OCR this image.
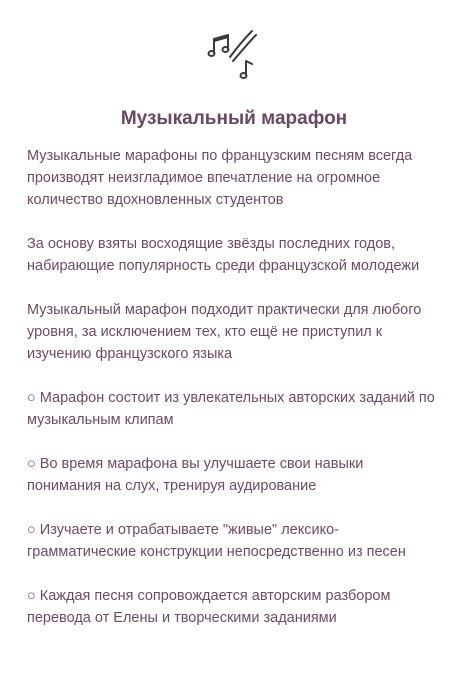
Музыкальный марафон

Музыкальные марафоны по французским песням всегда производят неизгладимое впечатление на огромное количество вдохновленных студентов

За основу взяты восходящие звёзды последних годов, набирающие популярность среди французской молодежи

Музыкальный марафон подходит практически для любого уровня, за исключением тех, кто ещё не приступил к изучению французского языка

○ Марафон состоит из увлекательных авторских заданий по музыкальным клипам

○ Во время марафона вы улучшаете свои навыки понимания на слух, тренируя аудирование

○ Изучаете и отрабатываете "живые" лексико-грамматические конструкции непосредственно из песен

○ Каждая песня сопровождается авторским разбором перевода от Елены и творческими заданиями
